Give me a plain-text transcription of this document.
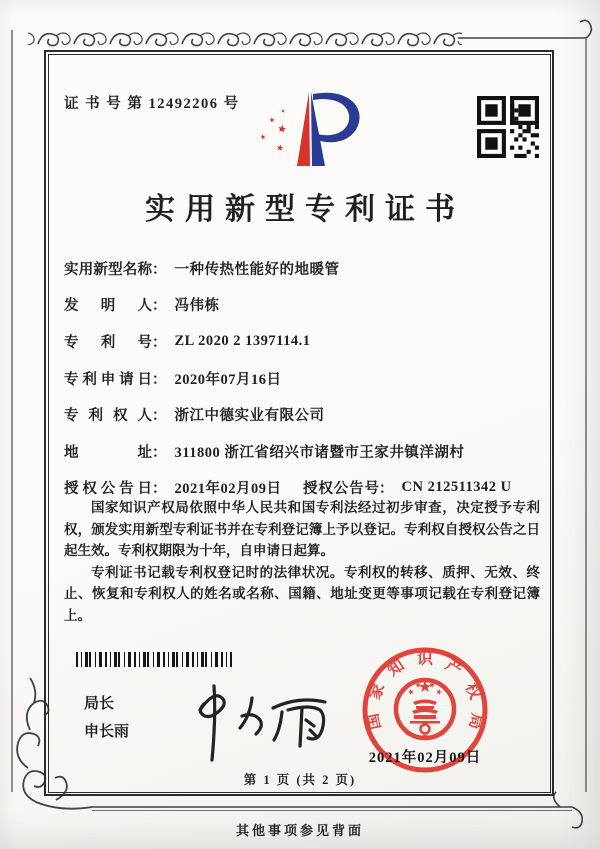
证 书 号 第 12492206 号
实用新型专利证书
实用新型名称 ： 一种传热性能好的地暖管
发明人 ： 冯伟栋
专利号 ： ZL 2020 2 1397114.1
专利申请日 ： 2020年07月16日
专利权人 ： 浙江中德实业有限公司
地址 ： 311800 浙江省绍兴市诸暨市王家井镇洋湖村
授权公告日 ： 2021年02月09日 授权公告号 ： CN 212511342 U

国家知识产权局依照中华人民共和国专利法经过初步审查，决定授予专利权，颁发实用新型专利证书并在专利登记簿上予以登记。专利权自授权公告之日起生效。专利权期限为十年，自申请日起算。

专利证书记载专利权登记时的法律状况。专利权的转移、质押、无效、终止、恢复和专利权人的姓名或名称、国籍、地址变更等事项记载在专利登记簿上。

局长
申长雨
国家知识产权局
2021年02月09日
第 1 页 (共 2 页)
其他事项参见背面
